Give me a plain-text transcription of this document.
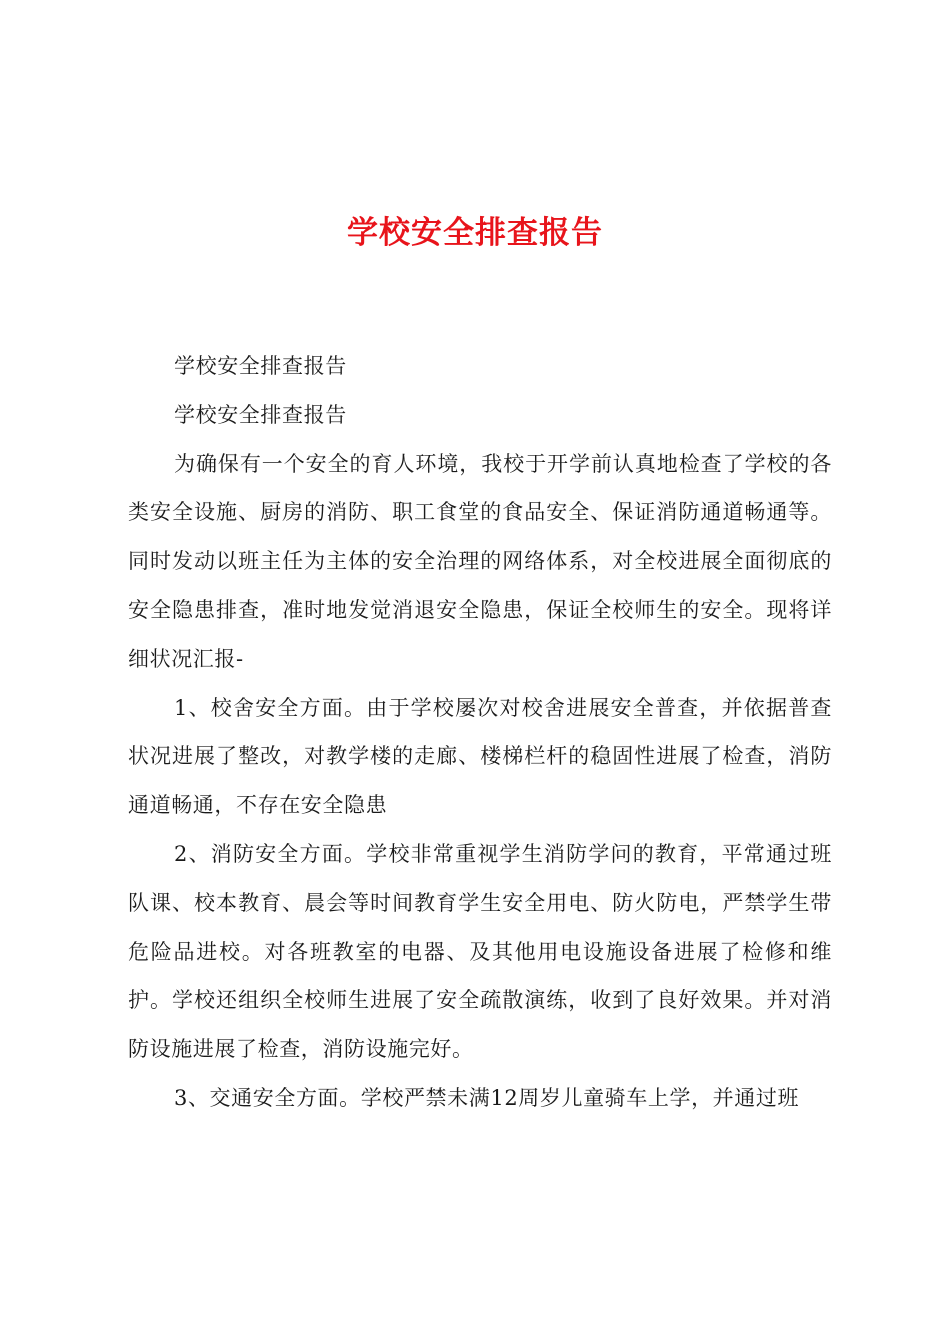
学校安全排查报告

学校安全排查报告

学校安全排查报告

为确保有一个安全的育人环境，我校于开学前认真地检查了学校的各类安全设施、厨房的消防、职工食堂的食品安全、保证消防通道畅通等。同时发动以班主任为主体的安全治理的网络体系，对全校进展全面彻底的安全隐患排查，准时地发觉消退安全隐患，保证全校师生的安全。现将详细状况汇报-

1、校舍安全方面。由于学校屡次对校舍进展安全普查，并依据普查状况进展了整改，对教学楼的走廊、楼梯栏杆的稳固性进展了检查，消防通道畅通，不存在安全隐患

2、消防安全方面。学校非常重视学生消防学问的教育，平常通过班队课、校本教育、晨会等时间教育学生安全用电、防火防电，严禁学生带危险品进校。对各班教室的电器、及其他用电设施设备进展了检修和维护。学校还组织全校师生进展了安全疏散演练，收到了良好效果。并对消防设施进展了检查，消防设施完好。

3、交通安全方面。学校严禁未满12周岁儿童骑车上学，并通过班
